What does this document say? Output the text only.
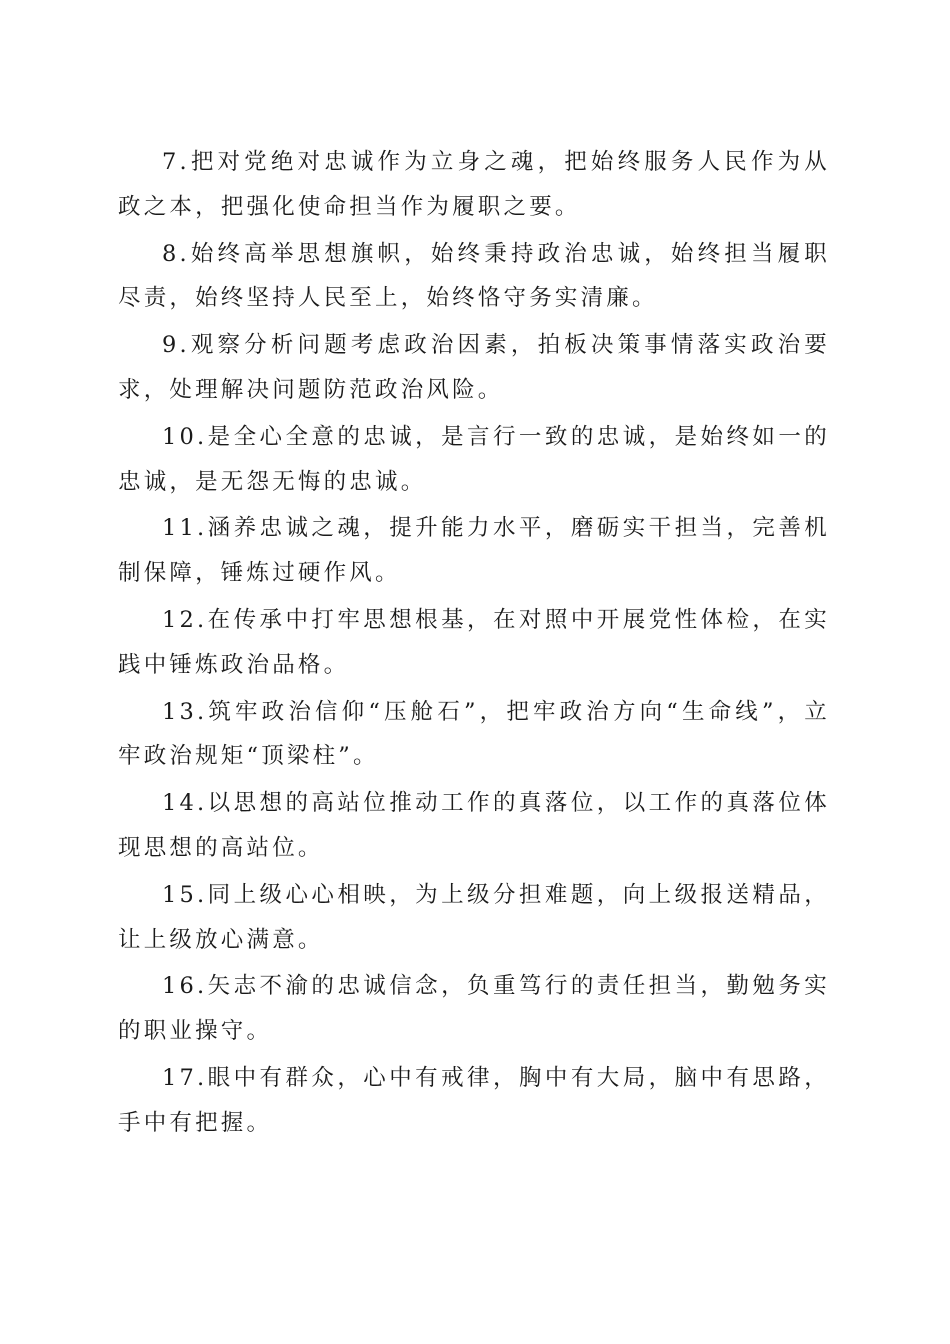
7.把对党绝对忠诚作为立身之魂，把始终服务人民作为从政之本，把强化使命担当作为履职之要。

8.始终高举思想旗帜，始终秉持政治忠诚，始终担当履职尽责，始终坚持人民至上，始终恪守务实清廉。

9.观察分析问题考虑政治因素，拍板决策事情落实政治要求，处理解决问题防范政治风险。

10.是全心全意的忠诚，是言行一致的忠诚，是始终如一的忠诚，是无怨无悔的忠诚。

11.涵养忠诚之魂，提升能力水平，磨砺实干担当，完善机制保障，锤炼过硬作风。

12.在传承中打牢思想根基，在对照中开展党性体检，在实践中锤炼政治品格。

13.筑牢政治信仰“压舱石”，把牢政治方向“生命线”，立牢政治规矩“顶梁柱”。

14.以思想的高站位推动工作的真落位，以工作的真落位体现思想的高站位。

15.同上级心心相映，为上级分担难题，向上级报送精品，让上级放心满意。

16.矢志不渝的忠诚信念，负重笃行的责任担当，勤勉务实的职业操守。

17.眼中有群众，心中有戒律，胸中有大局，脑中有思路，手中有把握。
